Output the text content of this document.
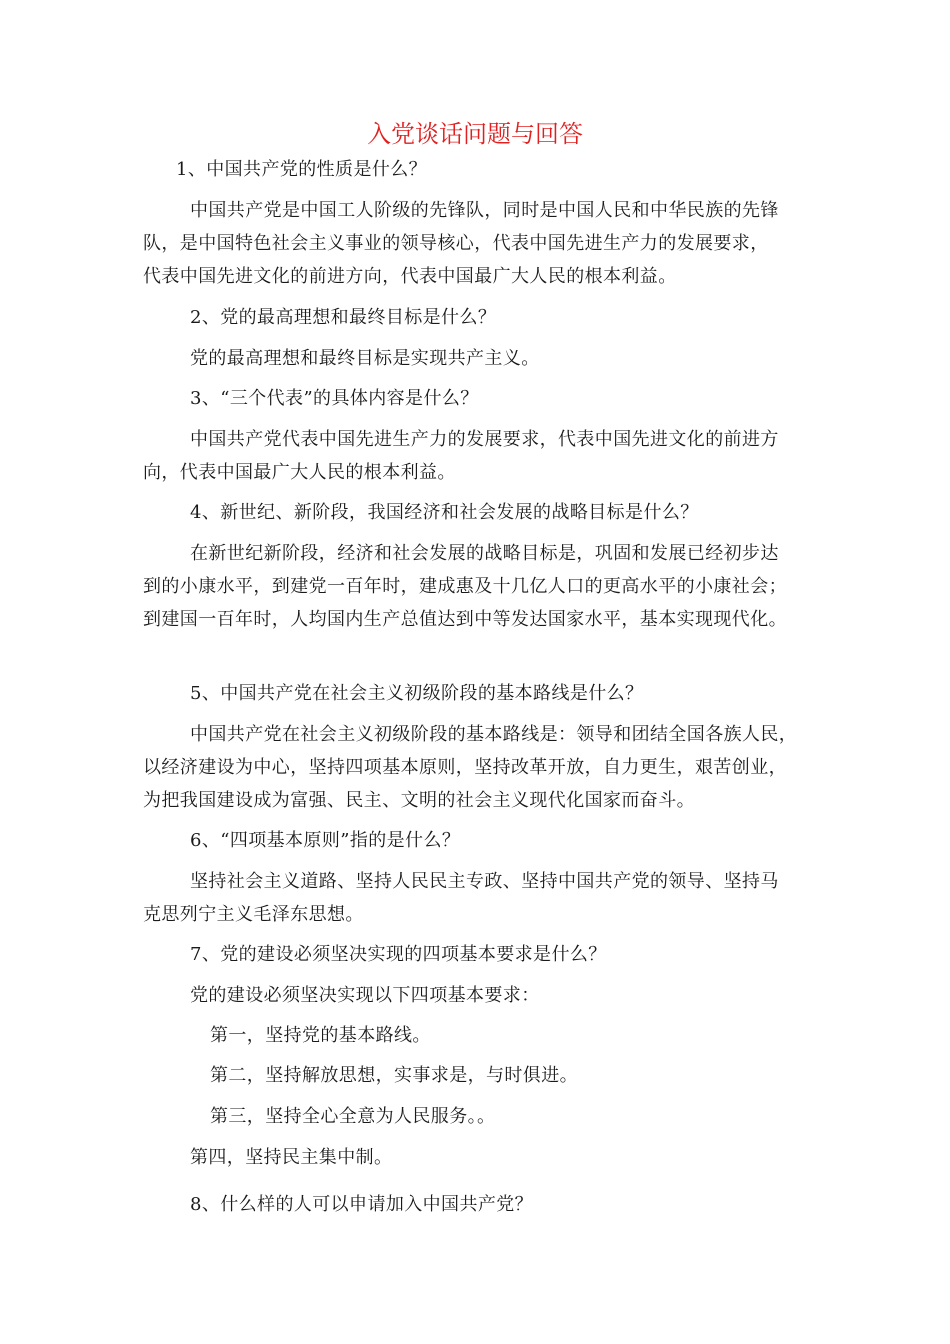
入党谈话问题与回答
1、中国共产党的性质是什么？
中国共产党是中国工人阶级的先锋队，同时是中国人民和中华民族的先锋
队，是中国特色社会主义事业的领导核心，代表中国先进生产力的发展要求，
代表中国先进文化的前进方向，代表中国最广大人民的根本利益。
2、党的最高理想和最终目标是什么？
党的最高理想和最终目标是实现共产主义。
3、“三个代表”的具体内容是什么？
中国共产党代表中国先进生产力的发展要求，代表中国先进文化的前进方
向，代表中国最广大人民的根本利益。
4、新世纪、新阶段，我国经济和社会发展的战略目标是什么？
在新世纪新阶段，经济和社会发展的战略目标是，巩固和发展已经初步达
到的小康水平，到建党一百年时，建成惠及十几亿人口的更高水平的小康社会；
到建国一百年时，人均国内生产总值达到中等发达国家水平，基本实现现代化。
5、中国共产党在社会主义初级阶段的基本路线是什么？
中国共产党在社会主义初级阶段的基本路线是：领导和团结全国各族人民，
以经济建设为中心，坚持四项基本原则，坚持改革开放，自力更生，艰苦创业，
为把我国建设成为富强、民主、文明的社会主义现代化国家而奋斗。
6、“四项基本原则”指的是什么？
坚持社会主义道路、坚持人民民主专政、坚持中国共产党的领导、坚持马
克思列宁主义毛泽东思想。
7、党的建设必须坚决实现的四项基本要求是什么？
党的建设必须坚决实现以下四项基本要求：
第一，坚持党的基本路线。
第二，坚持解放思想，实事求是，与时俱进。
第三，坚持全心全意为人民服务。。
第四，坚持民主集中制。
8、什么样的人可以申请加入中国共产党？
